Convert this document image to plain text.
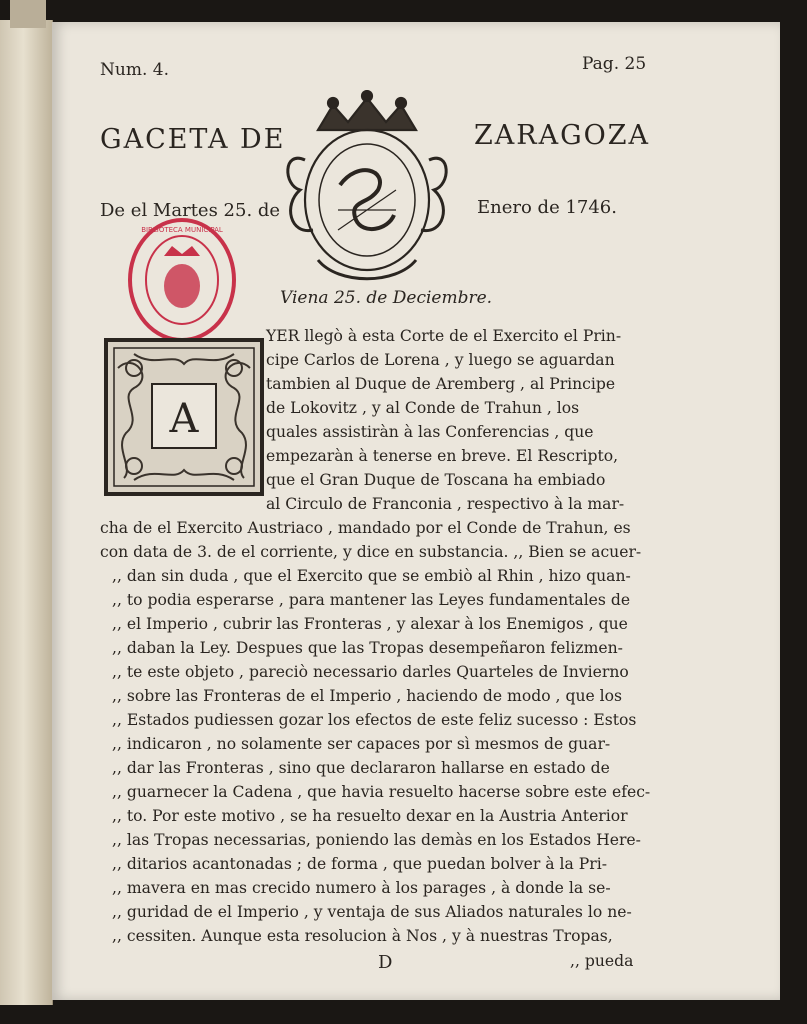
Num. 4.	Pag. 25
GACETA DE	ZARAGOZA
De el Martes 25. de	Enero de 1746.
BIBLIOTECA MUNICIPAL
Viena 25. de Deciembre.
A
YER llegò à esta Corte de el Exercito el Prin-
cipe Carlos de Lorena , y luego se aguardan
tambien al Duque de Aremberg , al Principe
de Lokovitz , y al Conde de Trahun , los
quales assistiràn à las Conferencias , que
empezaràn à tenerse en breve. El Rescripto,
que el Gran Duque de Toscana ha embiado
al Circulo de Franconia , respectivo à la mar-
cha de el Exercito Austriaco , mandado por el Conde de Trahun, es
con data de 3. de el corriente, y dice en substancia. ,, Bien se acuer-
,, dan sin duda , que el Exercito que se embiò al Rhin , hizo quan-
,, to podia esperarse , para mantener las Leyes fundamentales de
,, el Imperio , cubrir las Fronteras , y alexar à los Enemigos , que
,, daban la Ley. Despues que las Tropas desempeñaron felizmen-
,, te este objeto , pareciò necessario darles Quarteles de Invierno
,, sobre las Fronteras de el Imperio , haciendo de modo , que los
,, Estados pudiessen gozar los efectos de este feliz sucesso : Estos
,, indicaron , no solamente ser capaces por sì mesmos de guar-
,, dar las Fronteras , sino que declararon hallarse en estado de
,, guarnecer la Cadena , que havia resuelto hacerse sobre este efec-
,, to. Por este motivo , se ha resuelto dexar en la Austria Anterior
,, las Tropas necessarias, poniendo las demàs en los Estados Here-
,, ditarios acantonadas ; de forma , que puedan bolver à la Pri-
,, mavera en mas crecido numero à los parages , à donde la se-
,, guridad de el Imperio , y ventaja de sus Aliados naturales lo ne-
,, cessiten. Aunque esta resolucion à Nos , y à nuestras Tropas,
D	,, pueda
